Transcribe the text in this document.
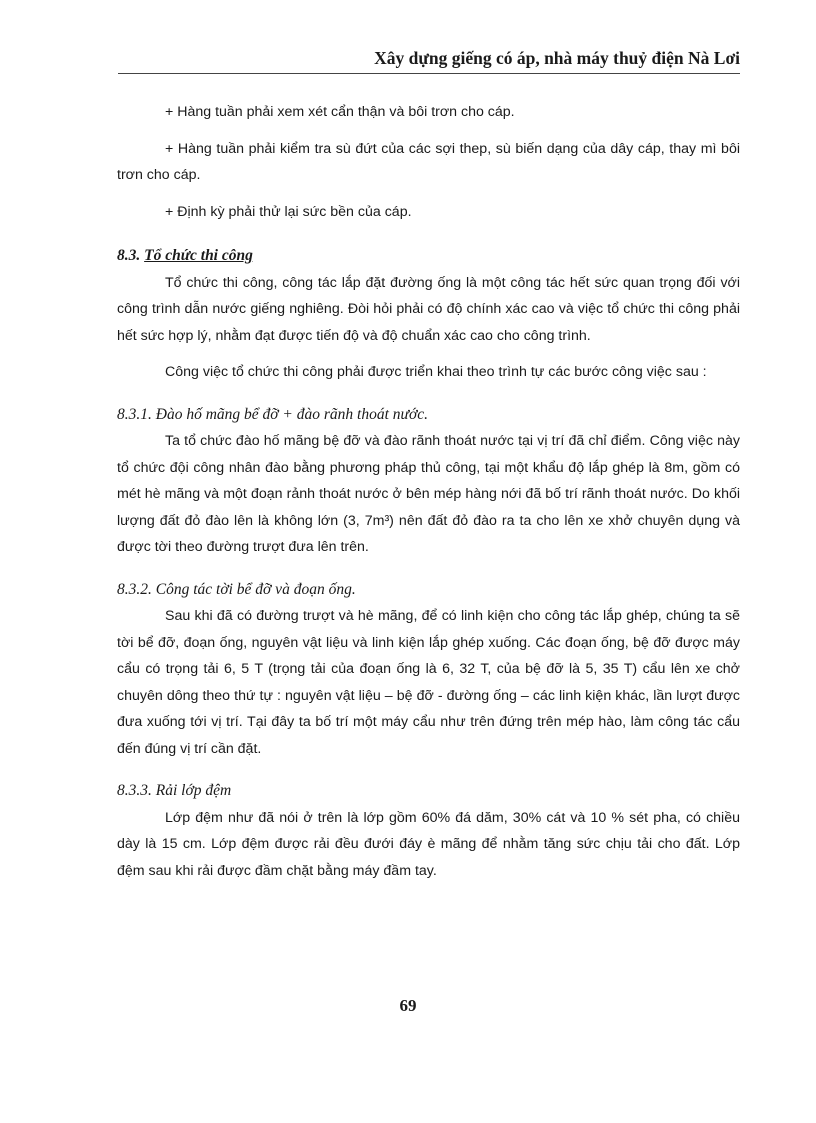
Xây dựng giếng có áp, nhà máy thuỷ điện Nà Lơi

+ Hàng tuần phải xem xét cẩn thận và bôi trơn cho cáp.

+ Hàng tuần phải kiểm tra sù đứt của các sợi thep, sù biến dạng của dây cáp, thay mì bôi trơn cho cáp.

+ Định kỳ phải thử lại sức bền của cáp.

8.3. Tổ chức thi công

Tổ chức thi công, công tác lắp đặt đường ống là một công tác hết sức quan trọng đối với công trình dẫn nước giếng nghiêng. Đòi hỏi phải có độ chính xác cao và việc tổ chức thi công phải hết sức hợp lý, nhằm đạt được tiến độ và độ chuẩn xác cao cho công trình.

Công việc tổ chức thi công phải được triển khai theo trình tự các bước công việc sau :

8.3.1. Đào hố mãng bể đỡ + đào rãnh thoát nước.

Ta tổ chức đào hố mãng bệ đỡ và đào rãnh thoát nước tại vị trí đã chỉ điểm. Công việc này tổ chức đội công nhân đào bằng phương pháp thủ công, tại một khẩu độ lắp ghép là 8m, gồm có mét hè mãng và một đoạn rảnh thoát nước ở bên mép hàng nới đã bố trí rãnh thoát nước. Do khối lượng đất đỏ đào lên là không lớn (3, 7m³) nên đất đỏ đào ra ta cho lên xe xhở chuyên dụng và được tời theo đường trượt đưa lên trên.

8.3.2. Công tác tời bể đỡ và đoạn ống.

Sau khi đã có đường trượt và hè mãng, để có linh kiện cho công tác lắp ghép, chúng ta sẽ tời bể đỡ, đoạn ống, nguyên vật liệu và linh kiện lắp ghép xuống. Các đoạn ống, bệ đỡ được máy cẩu có trọng tải 6, 5 T (trọng tải của đoạn ống là 6, 32 T, của bệ đỡ là 5, 35 T) cẩu lên xe chở chuyên dông theo thứ tự : nguyên vật liệu – bệ đỡ - đường ống – các linh kiện khác, lần lượt được đưa xuống tới vị trí. Tại đây ta bố trí một máy cẩu như trên đứng trên mép hào, làm công tác cẩu đến đúng vị trí cần đặt.

8.3.3. Rải lớp đệm

Lớp đệm như đã nói ở trên là lớp gồm 60% đá dăm, 30% cát và 10 % sét pha, có chiều dày là 15 cm. Lớp đệm được rải đều đưới đáy è mãng để nhằm tăng sức chịu tải cho đất. Lớp đệm sau khi rải được đầm chặt bằng máy đầm tay.

69
